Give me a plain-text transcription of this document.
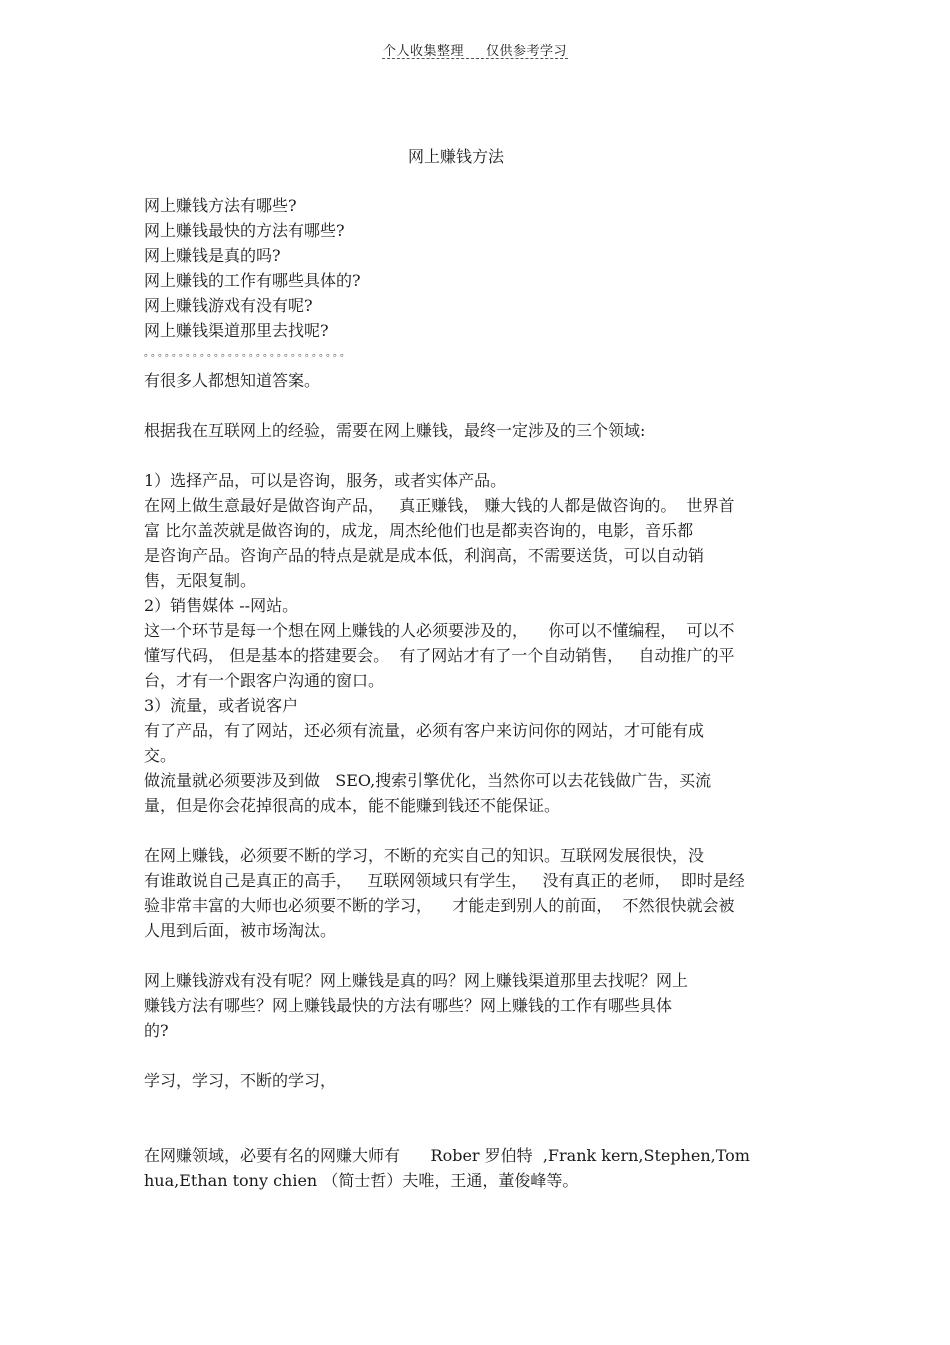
个人收集整理 仅供参考学习
网上赚钱方法
网上赚钱方法有哪些?
网上赚钱最快的方法有哪些?
网上赚钱是真的吗?
网上赚钱的工作有哪些具体的?
网上赚钱游戏有没有呢?
网上赚钱渠道那里去找呢?
。。。。。。。。。。。。。。。。。。。。。。。。。。。。。
有很多人都想知道答案。
根据我在互联网上的经验，需要在网上赚钱，最终一定涉及的三个领域:
1）选择产品，可以是咨询，服务，或者实体产品。
在网上做生意最好是做咨询产品，   真正赚钱， 赚大钱的人都是做咨询的。  世界首
富 比尔盖茨就是做咨询的，成龙，周杰纶他们也是都卖咨询的，电影，音乐都
是咨询产品。咨询产品的特点是就是成本低，利润高，不需要送货，可以自动销
售，无限复制。
2）销售媒体 --网站。
这一个环节是每一个想在网上赚钱的人必须要涉及的，    你可以不懂编程，  可以不
懂写代码， 但是基本的搭建要会。  有了网站才有了一个自动销售，   自动推广的平
台，才有一个跟客户沟通的窗口。
3）流量，或者说客户
有了产品，有了网站，还必须有流量，必须有客户来访问你的网站，才可能有成
交。
做流量就必须要涉及到做   SEO,搜索引擎优化，当然你可以去花钱做广告，买流
量，但是你会花掉很高的成本，能不能赚到钱还不能保证。
在网上赚钱，必须要不断的学习，不断的充实自己的知识。互联网发展很快，没
有谁敢说自己是真正的高手，   互联网领域只有学生，   没有真正的老师，  即时是经
验非常丰富的大师也必须要不断的学习，    才能走到别人的前面，  不然很快就会被
人甩到后面，被市场淘汰。
网上赚钱游戏有没有呢？网上赚钱是真的吗？网上赚钱渠道那里去找呢？网上
赚钱方法有哪些？网上赚钱最快的方法有哪些？网上赚钱的工作有哪些具体
的?
学习，学习，不断的学习，
在网赚领域，必要有名的网赚大师有      Rober 罗伯特  ,Frank kern,Stephen,Tom
hua,Ethan tony chien （简士哲）夫唯，王通，董俊峰等。
